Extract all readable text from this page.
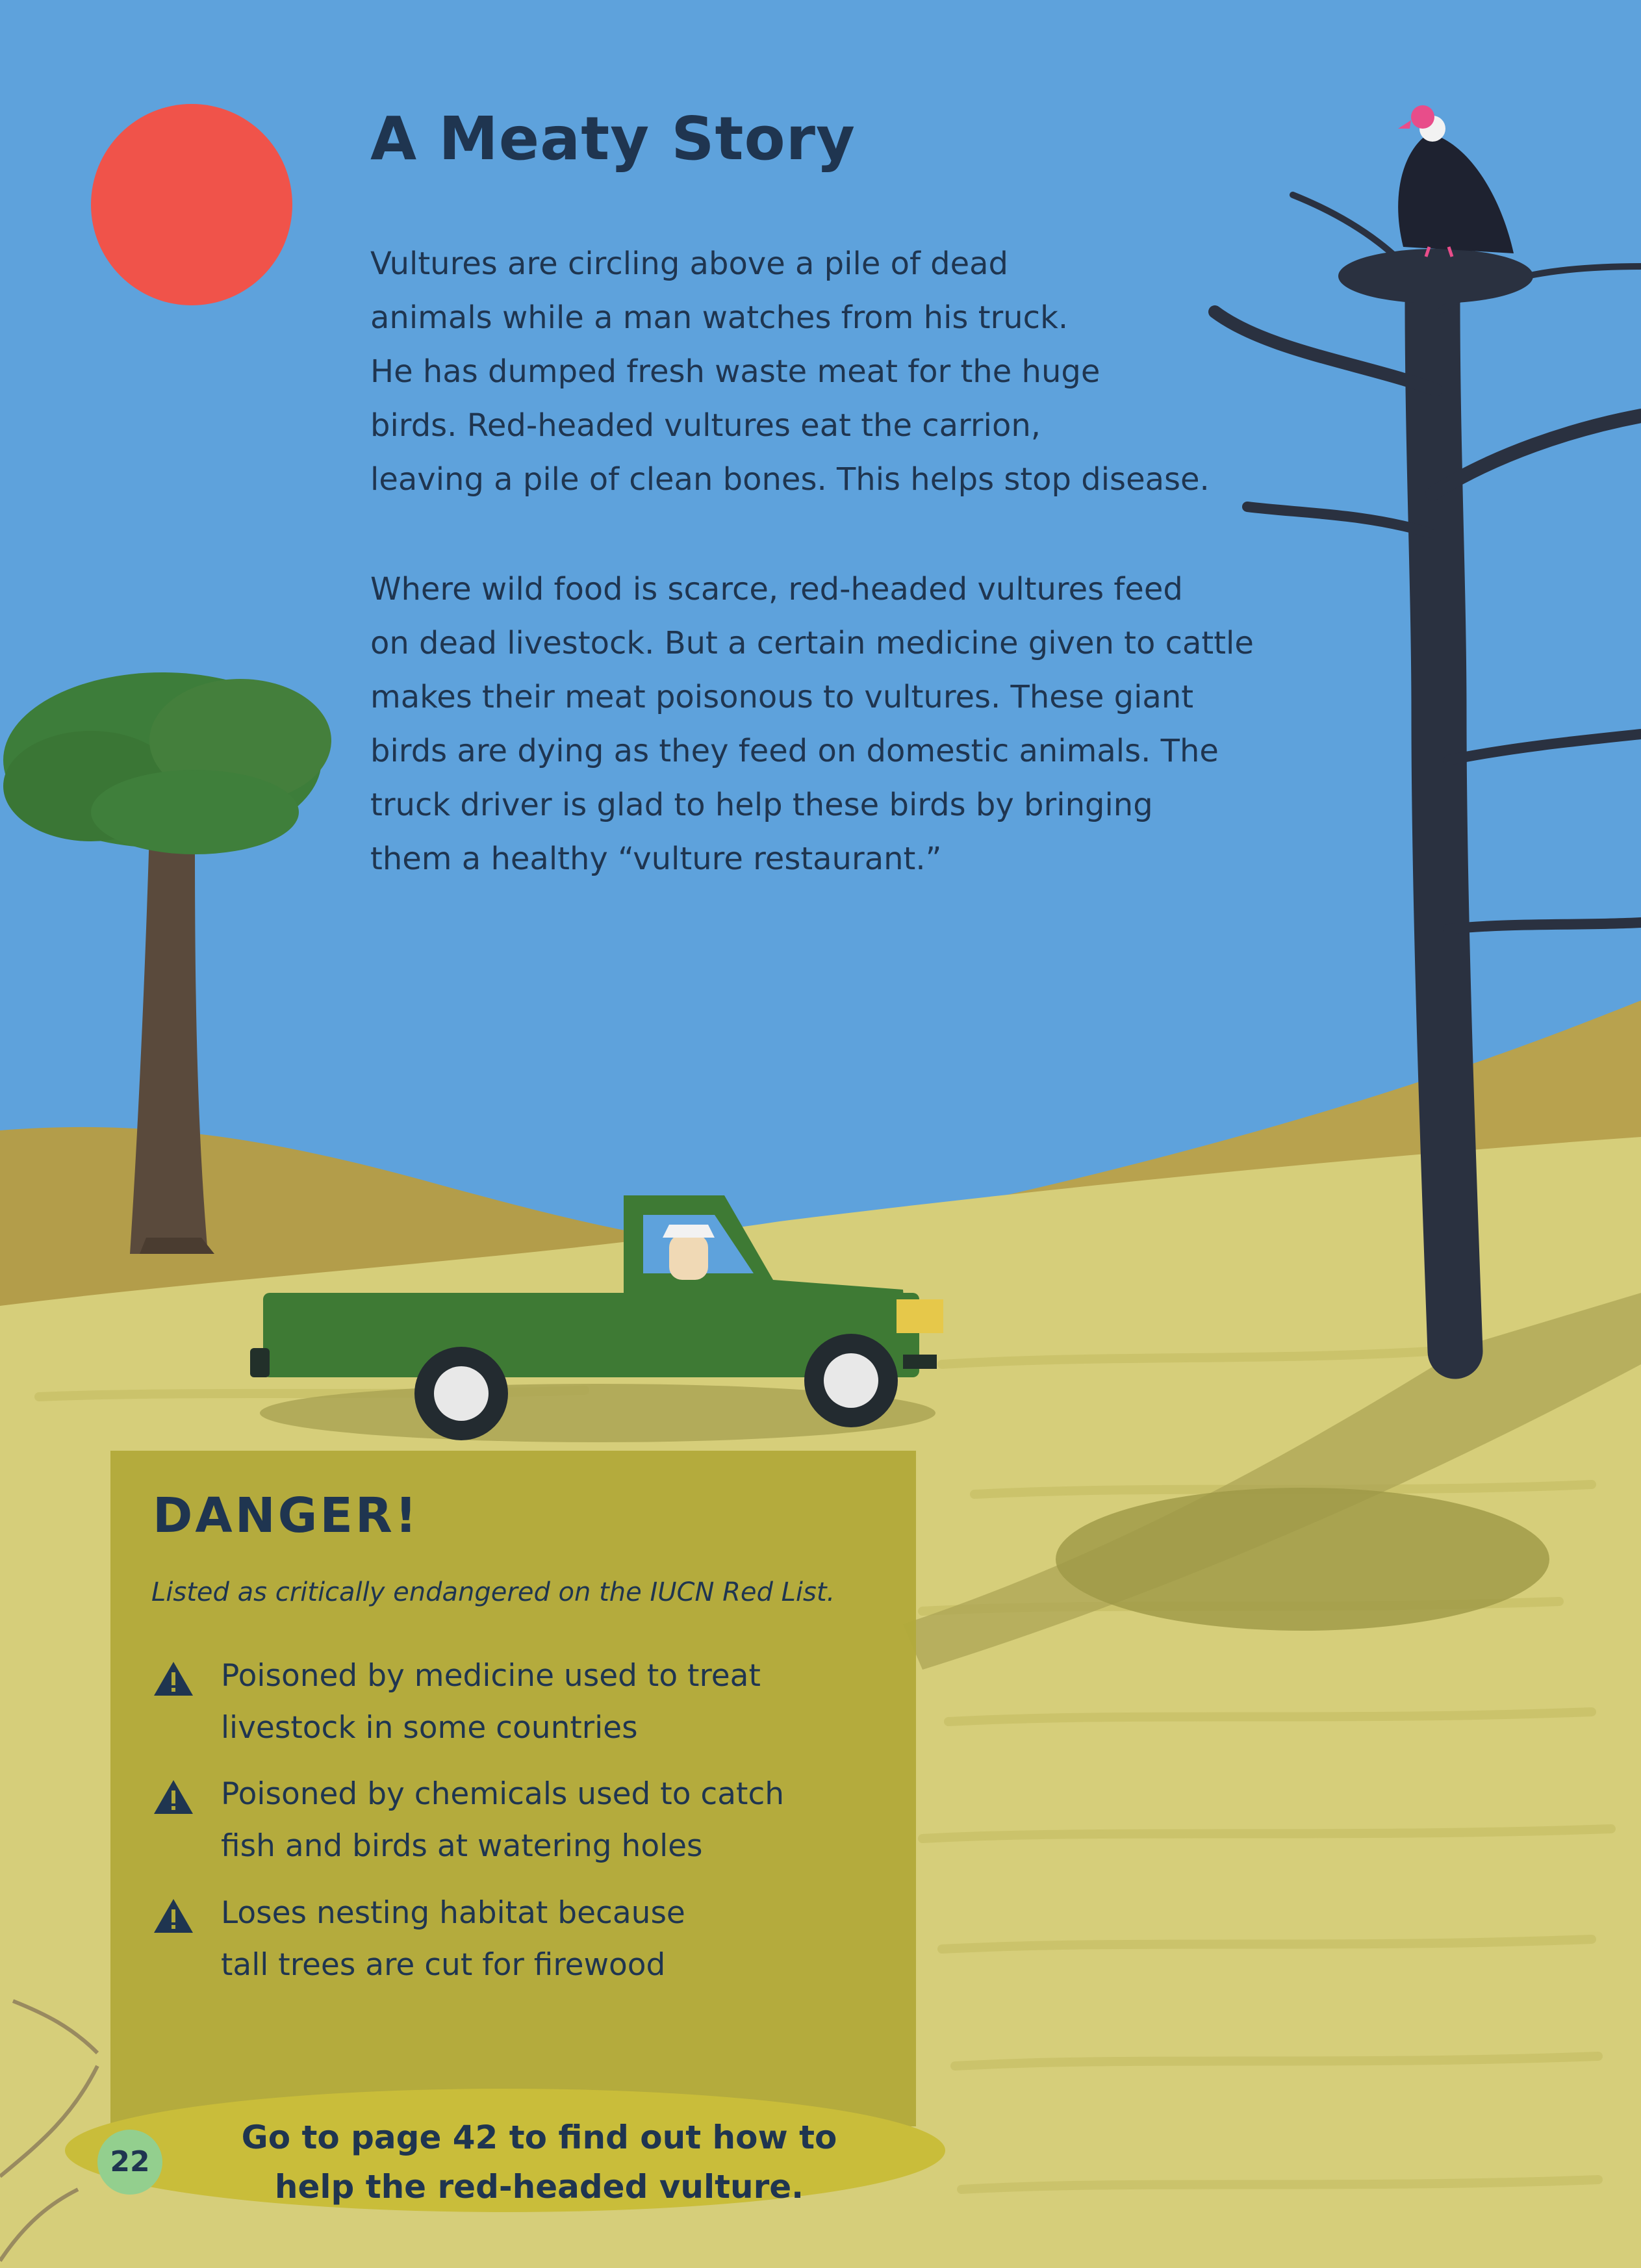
A Meaty Story
Vultures are circling above a pile of dead
animals while a man watches from his truck.
He has dumped fresh waste meat for the huge
birds. Red-headed vultures eat the carrion,
leaving a pile of clean bones. This helps stop disease.
Where wild food is scarce, red-headed vultures feed
on dead livestock. But a certain medicine given to cattle
makes their meat poisonous to vultures. These giant
birds are dying as they feed on domestic animals. The
truck driver is glad to help these birds by bringing
them a healthy “vulture restaurant.”
DANGER!
Listed as critically endangered on the IUCN Red List.
Poisoned by medicine used to treat
livestock in some countries
Poisoned by chemicals used to catch
fish and birds at watering holes
Loses nesting habitat because
tall trees are cut for firewood
22
Go to page 42 to find out how to
help the red-headed vulture.
